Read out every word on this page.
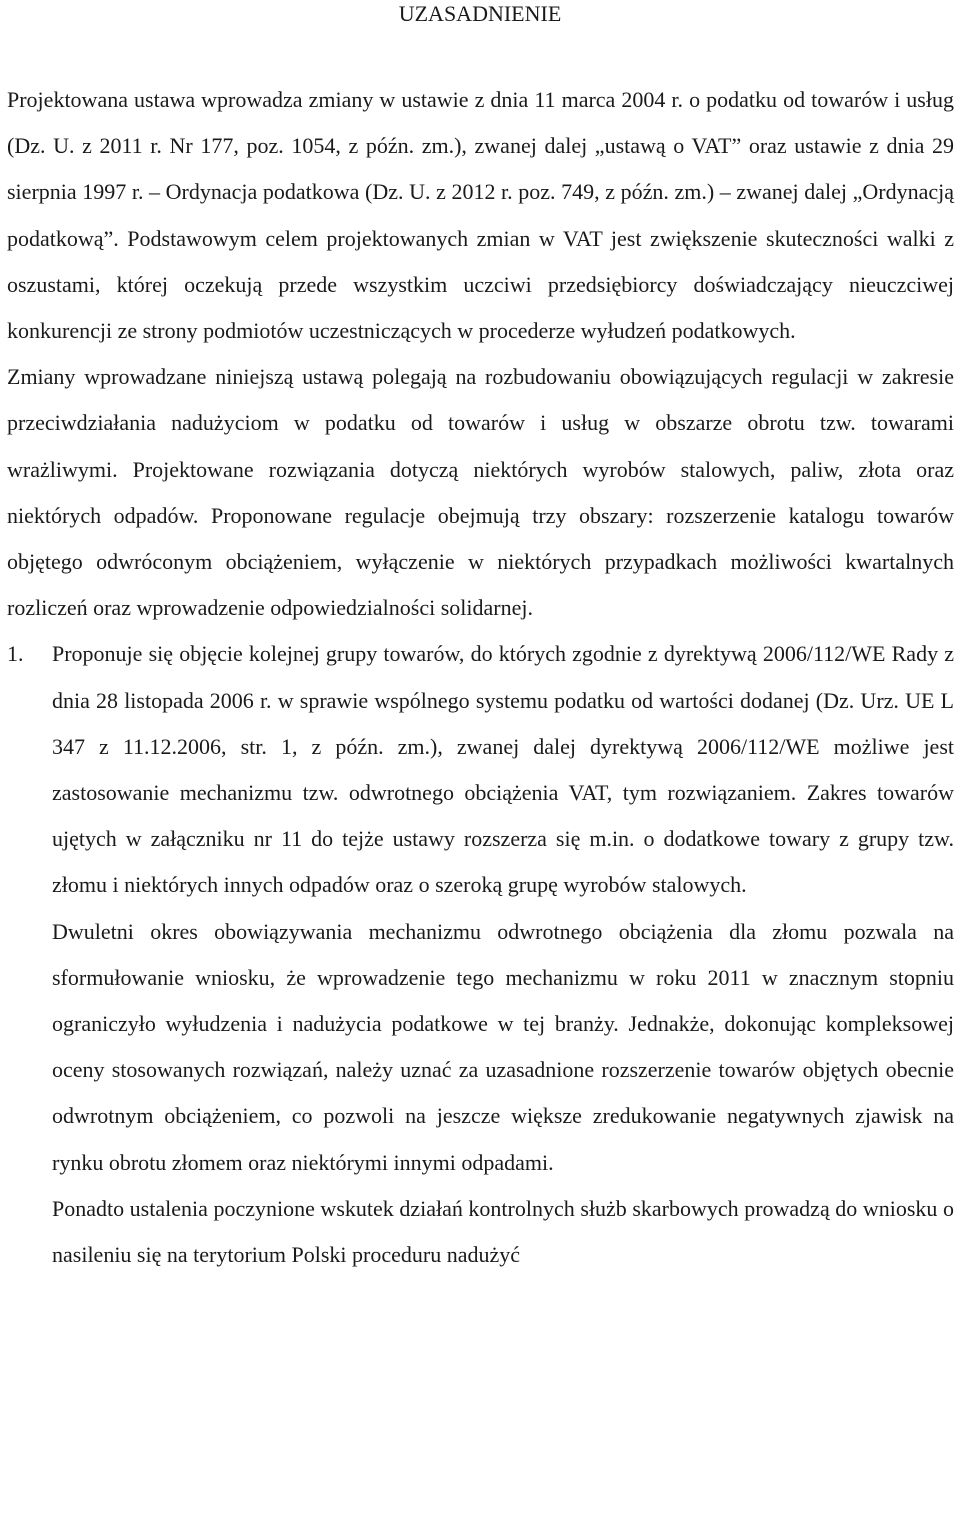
UZASADNIENIE

Projektowana ustawa wprowadza zmiany w ustawie z dnia 11 marca 2004 r. o podatku od towarów i usług (Dz. U. z 2011 r. Nr 177, poz. 1054, z późn. zm.), zwanej dalej „ustawą o VAT” oraz ustawie z dnia 29 sierpnia 1997 r. – Ordynacja podatkowa (Dz. U. z 2012 r. poz. 749, z późn. zm.) – zwanej dalej „Ordynacją podatkową”. Podstawowym celem projektowanych zmian w VAT jest zwiększenie skuteczności walki z oszustami, której oczekują przede wszystkim uczciwi przedsiębiorcy doświadczający nieuczciwej konkurencji ze strony podmiotów uczestniczących w procederze wyłudzeń podatkowych.

Zmiany wprowadzane niniejszą ustawą polegają na rozbudowaniu obowiązujących regulacji w zakresie przeciwdziałania nadużyciom w podatku od towarów i usług w obszarze obrotu tzw. towarami wrażliwymi. Projektowane rozwiązania dotyczą niektórych wyrobów stalowych, paliw, złota oraz niektórych odpadów. Proponowane regulacje obejmują trzy obszary: rozszerzenie katalogu towarów objętego odwróconym obciążeniem, wyłączenie w niektórych przypadkach możliwości kwartalnych rozliczeń oraz wprowadzenie odpowiedzialności solidarnej.

1. Proponuje się objęcie kolejnej grupy towarów, do których zgodnie z dyrektywą 2006/112/WE Rady z dnia 28 listopada 2006 r. w sprawie wspólnego systemu podatku od wartości dodanej (Dz. Urz. UE L 347 z 11.12.2006, str. 1, z późn. zm.), zwanej dalej dyrektywą 2006/112/WE możliwe jest zastosowanie mechanizmu tzw. odwrotnego obciążenia VAT, tym rozwiązaniem. Zakres towarów ujętych w załączniku nr 11 do tejże ustawy rozszerza się m.in. o dodatkowe towary z grupy tzw. złomu i niektórych innych odpadów oraz o szeroką grupę wyrobów stalowych.

Dwuletni okres obowiązywania mechanizmu odwrotnego obciążenia dla złomu pozwala na sformułowanie wniosku, że wprowadzenie tego mechanizmu w roku 2011 w znacznym stopniu ograniczyło wyłudzenia i nadużycia podatkowe w tej branży. Jednakże, dokonując kompleksowej oceny stosowanych rozwiązań, należy uznać za uzasadnione rozszerzenie towarów objętych obecnie odwrotnym obciążeniem, co pozwoli na jeszcze większe zredukowanie negatywnych zjawisk na rynku obrotu złomem oraz niektórymi innymi odpadami.

Ponadto ustalenia poczynione wskutek działań kontrolnych służb skarbowych prowadzą do wniosku o nasileniu się na terytorium Polski proceduru nadużyć
